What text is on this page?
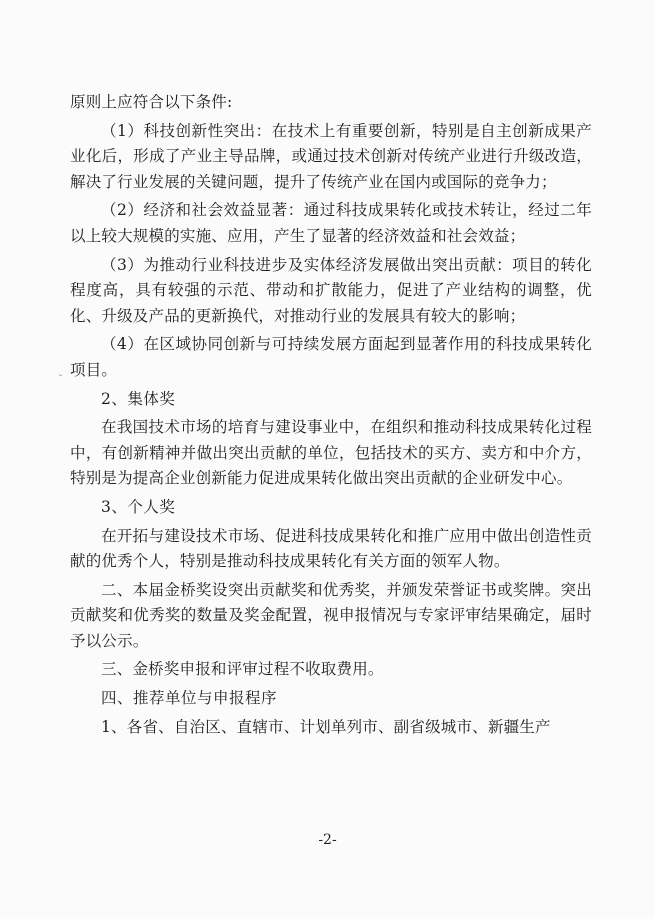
原则上应符合以下条件:

（1）科技创新性突出：在技术上有重要创新，特别是自主创新成果产业化后，形成了产业主导品牌，或通过技术创新对传统产业进行升级改造，解决了行业发展的关键问题，提升了传统产业在国内或国际的竞争力；

（2）经济和社会效益显著：通过科技成果转化或技术转让，经过二年以上较大规模的实施、应用，产生了显著的经济效益和社会效益；

（3）为推动行业科技进步及实体经济发展做出突出贡献：项目的转化程度高，具有较强的示范、带动和扩散能力，促进了产业结构的调整，优化、升级及产品的更新换代，对推动行业的发展具有较大的影响；

（4）在区域协同创新与可持续发展方面起到显著作用的科技成果转化项目。

2、集体奖

在我国技术市场的培育与建设事业中，在组织和推动科技成果转化过程中，有创新精神并做出突出贡献的单位，包括技术的买方、卖方和中介方，特别是为提高企业创新能力促进成果转化做出突出贡献的企业研发中心。

3、个人奖

在开拓与建设技术市场、促进科技成果转化和推广应用中做出创造性贡献的优秀个人，特别是推动科技成果转化有关方面的领军人物。

二、本届金桥奖设突出贡献奖和优秀奖，并颁发荣誉证书或奖牌。突出贡献奖和优秀奖的数量及奖金配置，视申报情况与专家评审结果确定，届时予以公示。

三、金桥奖申报和评审过程不收取费用。

四、推荐单位与申报程序

1、各省、自治区、直辖市、计划单列市、副省级城市、新疆生产

˷
-2-
